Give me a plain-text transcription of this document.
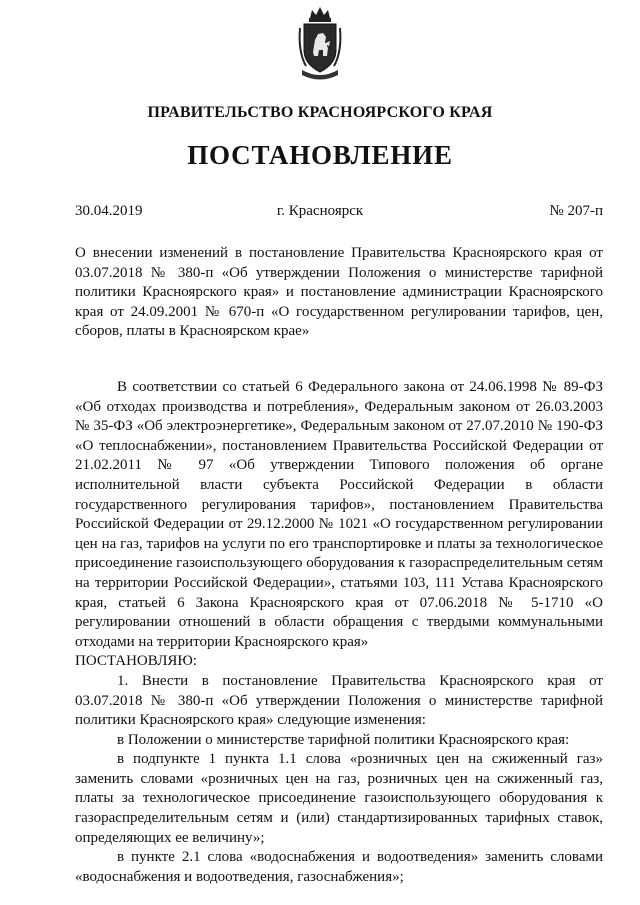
ПРАВИТЕЛЬСТВО КРАСНОЯРСКОГО КРАЯ
ПОСТАНОВЛЕНИЕ
г. Красноярск
30.04.2019	№ 207-п

О внесении изменений в постановление Правительства Красноярского края от 03.07.2018 № 380-п «Об утверждении Положения о министерстве тарифной политики Красноярского края» и постановление администрации Красноярского края от 24.09.2001 № 670-п «О государственном регулировании тарифов, цен, сборов, платы в Красноярском крае»

В соответствии со статьей 6 Федерального закона от 24.06.1998 № 89-ФЗ «Об отходах производства и потребления», Федеральным законом от 26.03.2003 № 35-ФЗ «Об электроэнергетике», Федеральным законом от 27.07.2010 № 190-ФЗ «О теплоснабжении», постановлением Правительства Российской Федерации от 21.02.2011 № 97 «Об утверждении Типового положения об органе исполнительной власти субъекта Российской Федерации в области государственного регулирования тарифов», постановлением Правительства Российской Федерации от 29.12.2000 № 1021 «О государственном регулировании цен на газ, тарифов на услуги по его транспортировке и платы за технологическое присоединение газоиспользующего оборудования к газораспределительным сетям на территории Российской Федерации», статьями 103, 111 Устава Красноярского края, статьей 6 Закона Красноярского края от 07.06.2018 № 5-1710 «О регулировании отношений в области обращения с твердыми коммунальными отходами на территории Красноярского края»

ПОСТАНОВЛЯЮ:

1. Внести в постановление Правительства Красноярского края от 03.07.2018 № 380-п «Об утверждении Положения о министерстве тарифной политики Красноярского края» следующие изменения:

в Положении о министерстве тарифной политики Красноярского края:

в подпункте 1 пункта 1.1 слова «розничных цен на сжиженный газ» заменить словами «розничных цен на газ, розничных цен на сжиженный газ, платы за технологическое присоединение газоиспользующего оборудования к газораспределительным сетям и (или) стандартизированных тарифных ставок, определяющих ее величину»;

в пункте 2.1 слова «водоснабжения и водоотведения» заменить словами «водоснабжения и водоотведения, газоснабжения»;
